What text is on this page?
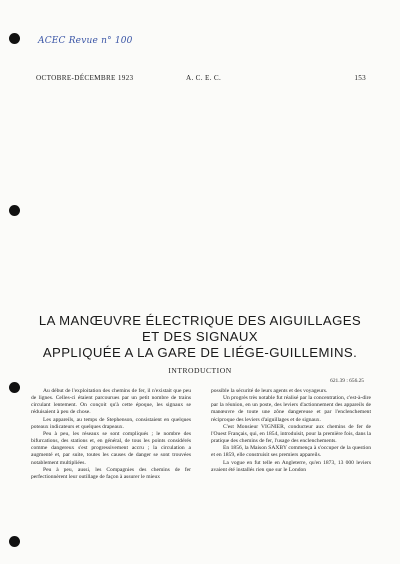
ACEC Revue n° 100
OCTOBRE-DÉCEMBRE 1923	A. C. E. C.	153
LA MANŒUVRE ÉLECTRIQUE DES AIGUILLAGES
ET DES SIGNAUX
APPLIQUÉE A LA GARE DE LIÉGE-GUILLEMINS.
INTRODUCTION
621.39 : 656.25

Au début de l'exploitation des chemins de fer, il n'existait que peu de lignes. Celles-ci étaient parcourues par un petit nombre de trains circulant lentement. On conçoit qu'à cette époque, les signaux se réduisaient à peu de chose.

Les appareils, au temps de Stephenson, consistaient en quelques poteaux indicateurs et quelques drapeaux.

Peu à peu, les réseaux se sont compliqués ; le nombre des bifurcations, des stations et, en général, de tous les points considérés comme dangereux s'est progressivement accru ; la circulation a augmenté et, par suite, toutes les causes de danger se sont trouvées notablement multipliées.

Peu à peu, aussi, les Compagnies des chemins de fer perfectionnèrent leur outillage de façon à assurer le mieux

possible la sécurité de leurs agents et des voyageurs.

Un progrès très notable fut réalisé par la concentration, c'est-à-dire par la réunion, en un poste, des leviers d'actionnement des appareils de manœuvre de toute une zône dangereuse et par l'enclenchement réciproque des leviers d'aiguillages et de signaux.

C'est Monsieur VIGNIER, conducteur aux chemins de fer de l'Ouest Français, qui, en 1854, introduisit, pour la première fois, dans la pratique des chemins de fer, l'usage des enclenchements.

En 1856, la Maison SAXBY commença à s'occuper de la question et en 1859, elle construisit ses premiers appareils.

La vogue en fut telle en Angleterre, qu'en 1873, 13 000 leviers avaient été installés rien que sur le London
